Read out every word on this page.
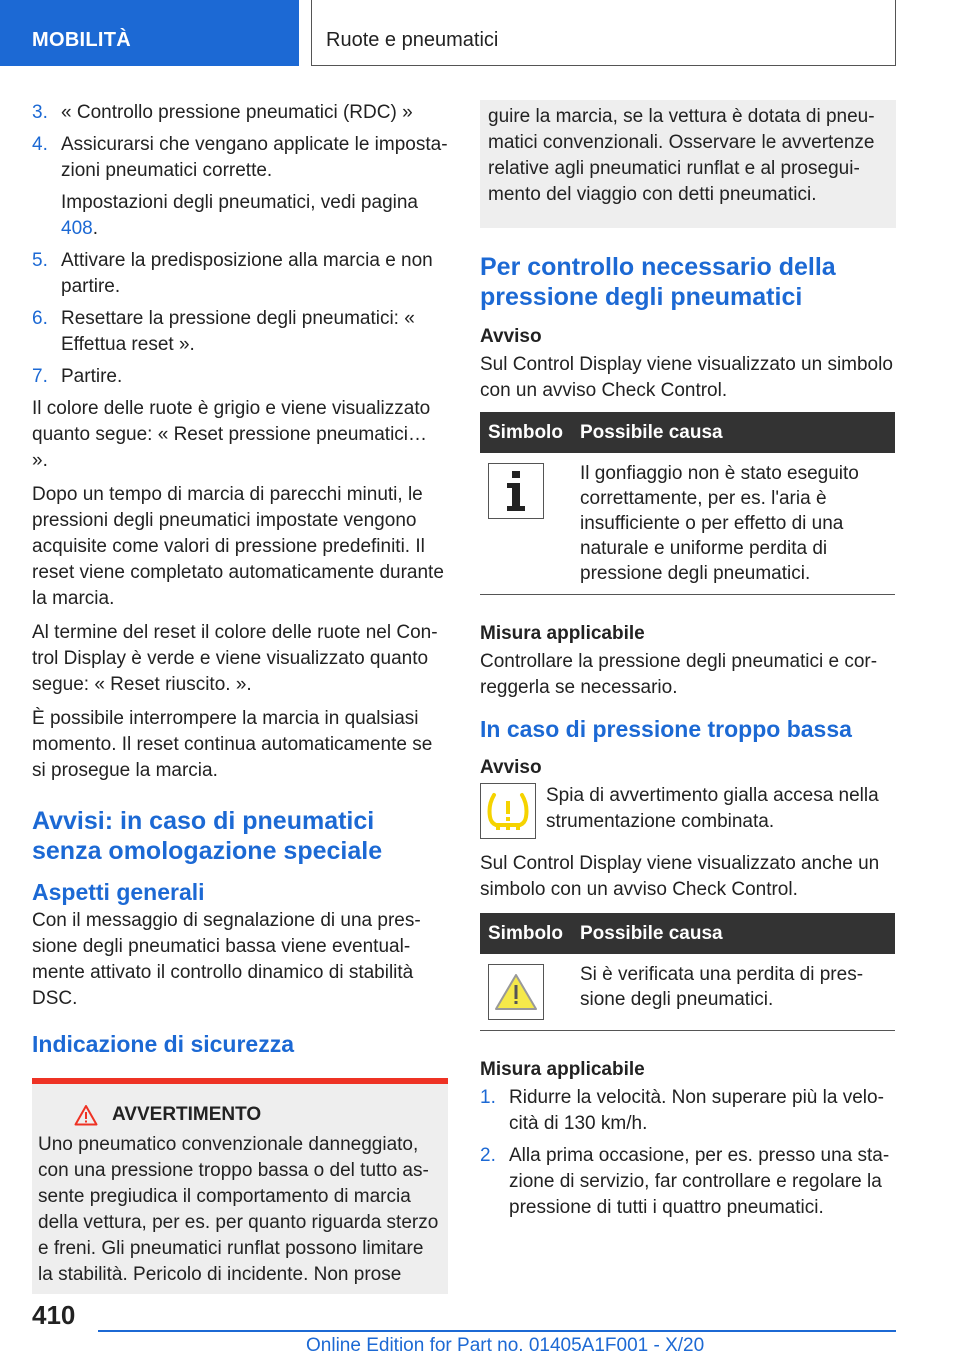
MOBILITÀ	Ruote e pneumatici
3. « Controllo pressione pneumatici (RDC) »
4. Assicurarsi che vengano applicate le impostazioni pneumatici corrette.
Impostazioni degli pneumatici, vedi pagina 408.
5. Attivare la predisposizione alla marcia e non partire.
6. Resettare la pressione degli pneumatici: « Effettua reset ».
7. Partire.

Il colore delle ruote è grigio e viene visualizzato quanto segue: « Reset pressione pneumatici… ».

Dopo un tempo di marcia di parecchi minuti, le pressioni degli pneumatici impostate vengono acquisite come valori di pressione predefiniti. Il reset viene completato automaticamente durante la marcia.

Al termine del reset il colore delle ruote nel Control Display è verde e viene visualizzato quanto segue: « Reset riuscito. ».

È possibile interrompere la marcia in qualsiasi momento. Il reset continua automaticamente se si prosegue la marcia.

Avvisi: in caso di pneumatici senza omologazione speciale
Aspetti generali

Con il messaggio di segnalazione di una pressione degli pneumatici bassa viene eventualmente attivato il controllo dinamico di stabilità DSC.

Indicazione di sicurezza
AVVERTIMENTO
Uno pneumatico convenzionale danneggiato, con una pressione troppo bassa o del tutto assente pregiudica il comportamento di marcia della vettura, per es. per quanto riguarda sterzo e freni. Gli pneumatici runflat possono limitare la stabilità. Pericolo di incidente. Non prose
guire la marcia, se la vettura è dotata di pneumatici convenzionali. Osservare le avvertenze relative agli pneumatici runflat e al proseguimento del viaggio con detti pneumatici.
Per controllo necessario della pressione degli pneumatici
Avviso

Sul Control Display viene visualizzato un simbolo con un avviso Check Control.

Simbolo	Possibile causa

	Il gonfiaggio non è stato eseguito correttamente, per es. l'aria è insufficiente o per effetto di una naturale e uniforme perdita di pressione degli pneumatici.
Misura applicabile

Controllare la pressione degli pneumatici e correggerla se necessario.

In caso di pressione troppo bassa
Avviso
Spia di avvertimento gialla accesa nella strumentazione combinata.

Sul Control Display viene visualizzato anche un simbolo con un avviso Check Control.

Simbolo	Possibile causa

	Si è verificata una perdita di pressione degli pneumatici.
Misura applicabile
1. Ridurre la velocità. Non superare più la velocità di 130 km/h.
2. Alla prima occasione, per es. presso una stazione di servizio, far controllare e regolare la pressione di tutti i quattro pneumatici.
410
Online Edition for Part no. 01405A1F001 - X/20
